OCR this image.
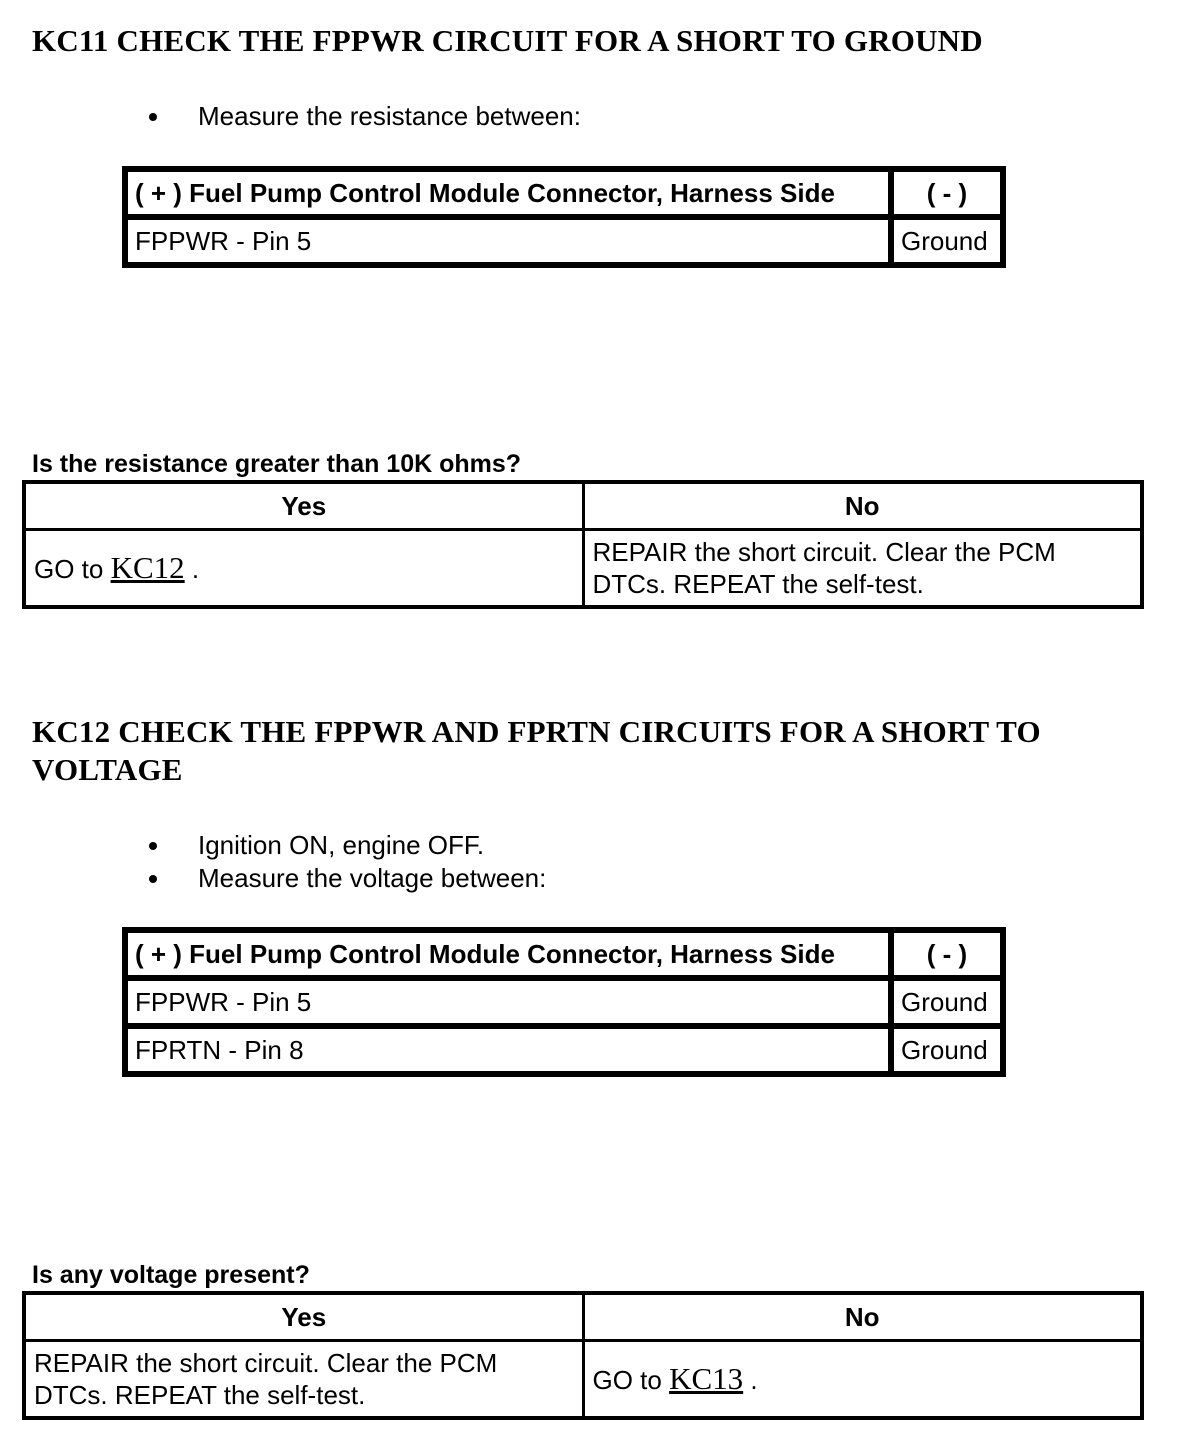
KC11 CHECK THE FPPWR CIRCUIT FOR A SHORT TO GROUND
Measure the resistance between:
( + ) Fuel Pump Control Module Connector, Harness Side	( - )
FPPWR - Pin 5	Ground

Is the resistance greater than 10K ohms?

Yes	No
GO to KC12 .	REPAIR the short circuit. Clear the PCM DTCs. REPEAT the self-test.
KC12 CHECK THE FPPWR AND FPRTN CIRCUITS FOR A SHORT TO VOLTAGE
Ignition ON, engine OFF.
Measure the voltage between:
( + ) Fuel Pump Control Module Connector, Harness Side	( - )
FPPWR - Pin 5	Ground
FPRTN - Pin 8	Ground

Is any voltage present?

Yes	No
REPAIR the short circuit. Clear the PCM DTCs. REPEAT the self-test.	GO to KC13 .
